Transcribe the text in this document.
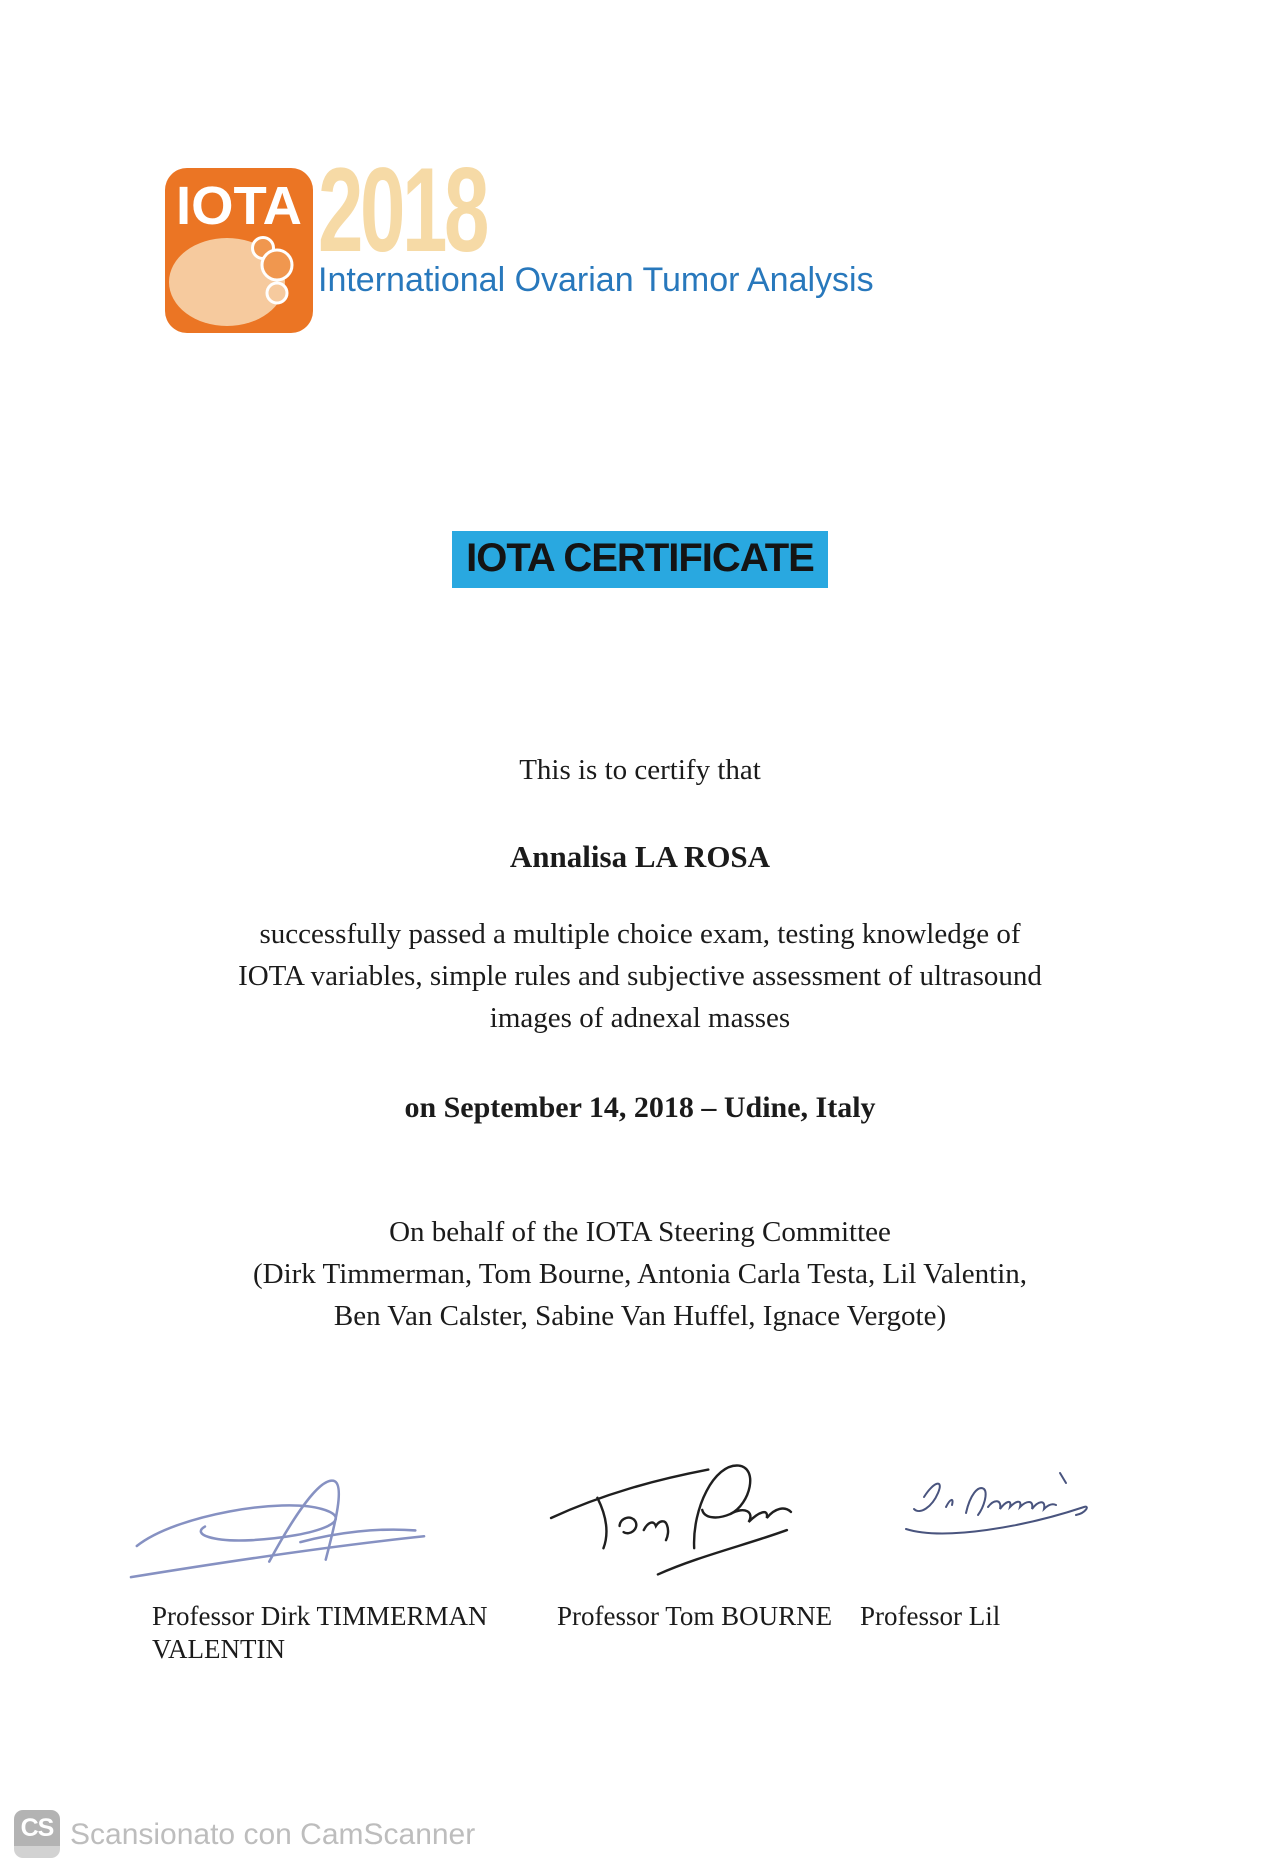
IOTA 2018
International Ovarian Tumor Analysis
IOTA CERTIFICATE
This is to certify that
Annalisa LA ROSA
successfully passed a multiple choice exam, testing knowledge of
IOTA variables, simple rules and subjective assessment of ultrasound
images of adnexal masses
on September 14, 2018 – Udine, Italy
On behalf of the IOTA Steering Committee
(Dirk Timmerman, Tom Bourne, Antonia Carla Testa, Lil Valentin,
Ben Van Calster, Sabine Van Huffel, Ignace Vergote)
Professor Dirk TIMMERMAN
VALENTIN
Professor Tom BOURNE Professor Lil
CS Scansionato con CamScanner
